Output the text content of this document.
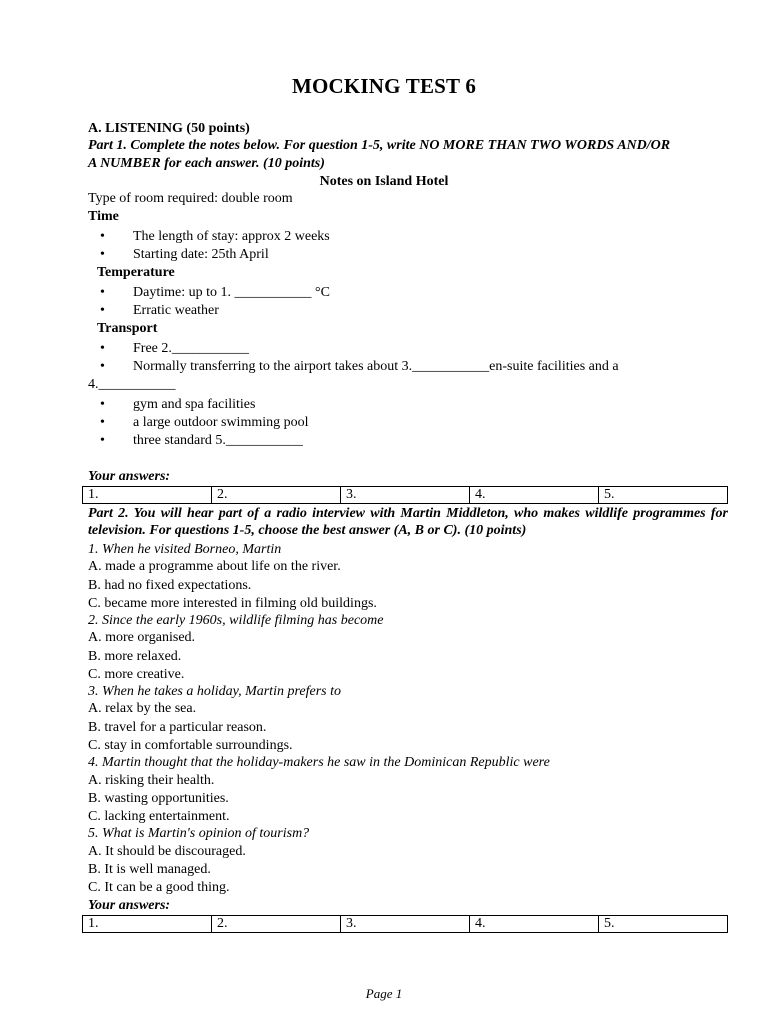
MOCKING TEST 6
A. LISTENING (50 points)
Part 1. Complete the notes below. For question 1-5, write NO MORE THAN TWO WORDS AND/OR
A NUMBER for each answer. (10 points)
Notes on Island Hotel
Type of room required: double room
Time
• The length of stay: approx 2 weeks
• Starting date: 25th April
Temperature
• Daytime: up to 1. ___________ °C
• Erratic weather
Transport
• Free 2.___________
• Normally transferring to the airport takes about 3.___________en-suite facilities and a
4.___________
• gym and spa facilities
• a large outdoor swimming pool
• three standard 5.___________
Your answers:
1.	2.	3.	4.	5.
Part 2. You will hear part of a radio interview with Martin Middleton, who makes wildlife programmes for television. For questions 1-5, choose the best answer (A, B or C). (10 points)
1. When he visited Borneo, Martin
A. made a programme about life on the river.
B. had no fixed expectations.
C. became more interested in filming old buildings.
2. Since the early 1960s, wildlife filming has become
A. more organised.
B. more relaxed.
C. more creative.
3. When he takes a holiday, Martin prefers to
A. relax by the sea.
B. travel for a particular reason.
C. stay in comfortable surroundings.
4. Martin thought that the holiday-makers he saw in the Dominican Republic were
A. risking their health.
B. wasting opportunities.
C. lacking entertainment.
5. What is Martin's opinion of tourism?
A. It should be discouraged.
B. It is well managed.
C. It can be a good thing.
Your answers:
1.	2.	3.	4.	5.
Page 1
